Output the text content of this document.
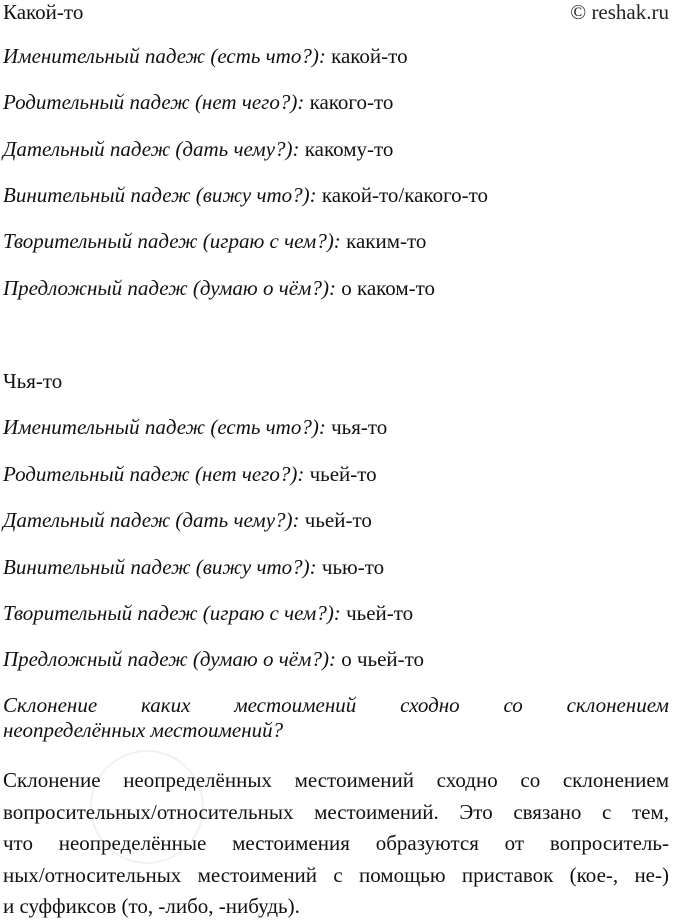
Какой-то	© reshak.ru
Именительный падеж (есть что?): какой-то
Родительный падеж (нет чего?): какого-то
Дательный падеж (дать чему?): какому-то
Винительный падеж (вижу что?): какой-то/какого-то
Творительный падеж (играю с чем?): каким-то
Предложный падеж (думаю о чём?): о каком-то
Чья-то
Именительный падеж (есть что?): чья-то
Родительный падеж (нет чего?): чьей-то
Дательный падеж (дать чему?): чьей-то
Винительный падеж (вижу что?): чью-то
Творительный падеж (играю с чем?): чьей-то
Предложный падеж (думаю о чём?): о чьей-то
Склонение каких местоимений сходно со склонением
неопределённых местоимений?
Склонение неопределённых местоимений сходно со склонением
вопросительных/относительных местоимений. Это связано с тем,
что неопределённые местоимения образуются от вопроситель-
ных/относительных местоимений с помощью приставок (кое-, не-)
и суффиксов (то, -либо, -нибудь).
